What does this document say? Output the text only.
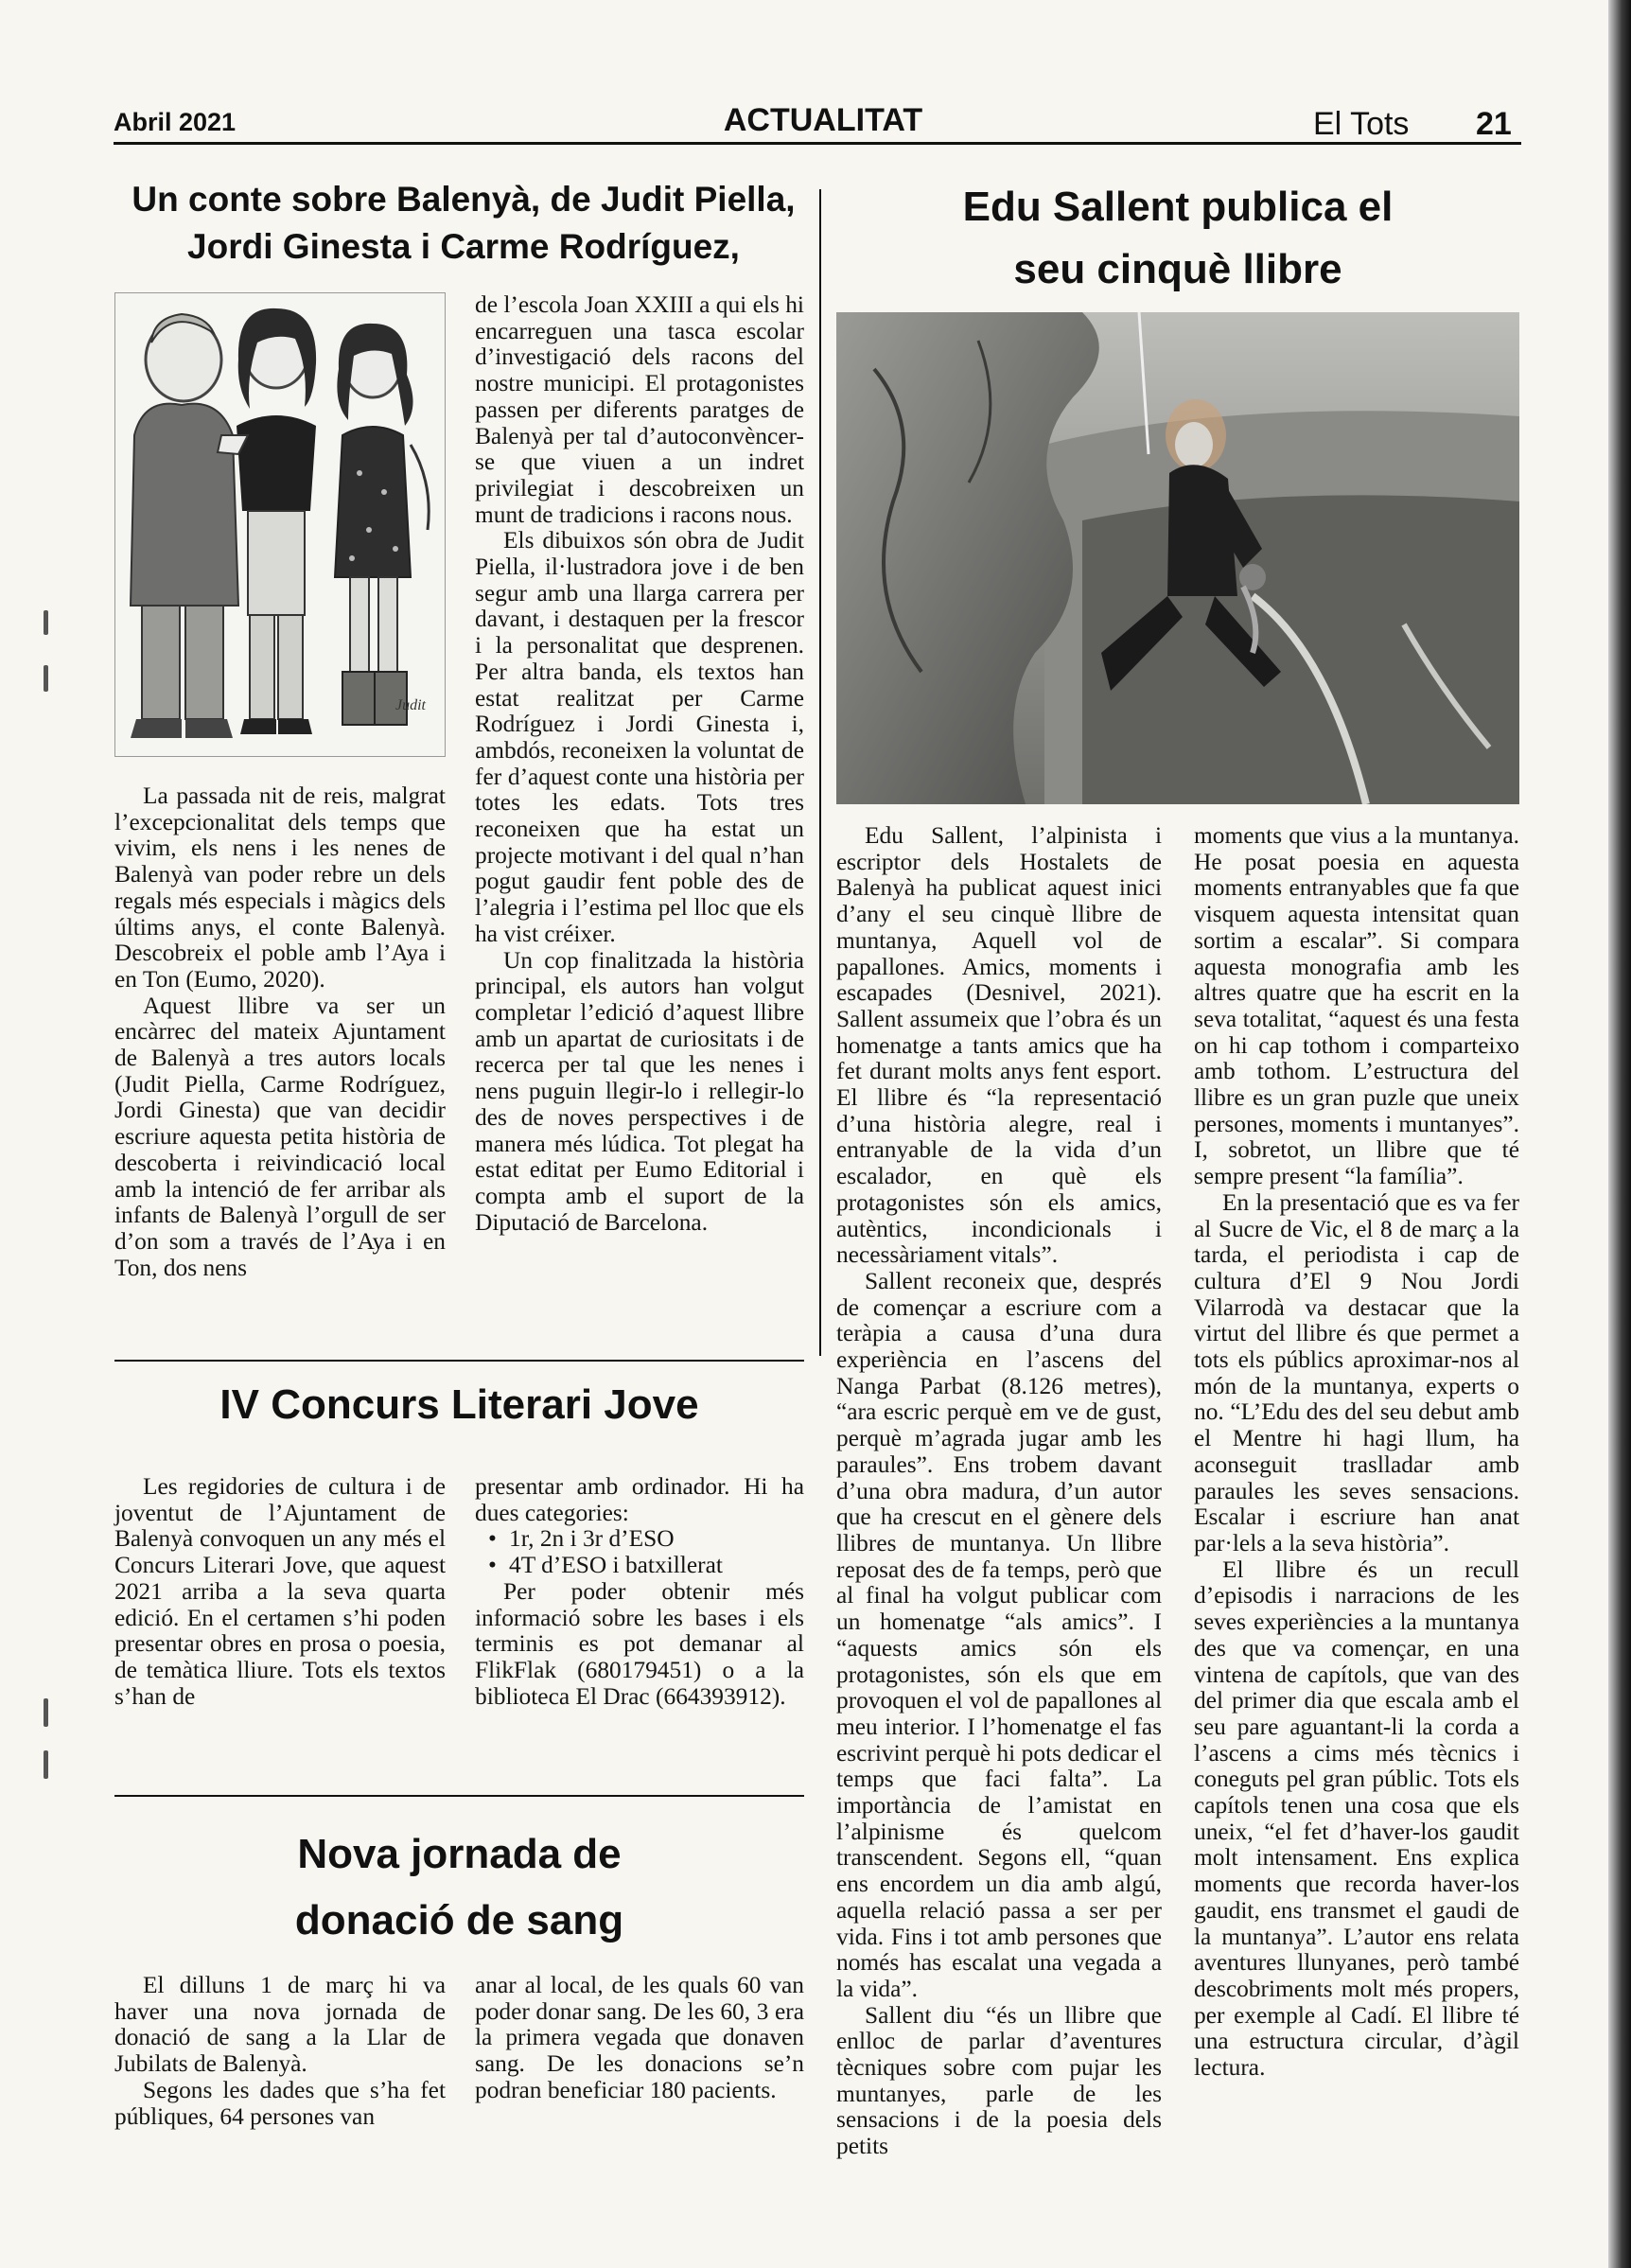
Abril 2021	ACTUALITAT	El Tots 21
Un conte sobre Balenyà, de Judit Piella,
Jordi Ginesta i Carme Rodríguez,
Judit

La passada nit de reis, malgrat l’excepcionalitat dels temps que vivim, els nens i les nenes de Balenyà van poder rebre un dels regals més especials i màgics dels últims anys, el conte Balenyà. Descobreix el poble amb l’Aya i en Ton (Eumo, 2020).

Aquest llibre va ser un encàrrec del mateix Ajuntament de Balenyà a tres autors locals (Judit Piella, Carme Rodríguez, Jordi Ginesta) que van decidir escriure aquesta petita història de descoberta i reivindicació local amb la intenció de fer arribar als infants de Balenyà l’orgull de ser d’on som a través de l’Aya i en Ton, dos nens

de l’escola Joan XXIII a qui els hi encarreguen una tasca escolar d’investigació dels racons del nostre municipi. El protagonistes passen per diferents paratges de Balenyà per tal d’autoconvèncer-se que viuen a un indret privilegiat i descobreixen un munt de tradicions i racons nous.

Els dibuixos són obra de Judit Piella, il·lustradora jove i de ben segur amb una llarga carrera per davant, i destaquen per la frescor i la personalitat que desprenen. Per altra banda, els textos han estat realitzat per Carme Rodríguez i Jordi Ginesta i, ambdós, reconeixen la voluntat de fer d’aquest conte una història per totes les edats. Tots tres reconeixen que ha estat un projecte motivant i del qual n’han pogut gaudir fent poble des de l’alegria i l’estima pel lloc que els ha vist créixer.

Un cop finalitzada la història principal, els autors han volgut completar l’edició d’aquest llibre amb un apartat de curiositats i de recerca per tal que les nenes i nens puguin llegir-lo i rellegir-lo des de noves perspectives i de manera més lúdica. Tot plegat ha estat editat per Eumo Editorial i compta amb el suport de la Diputació de Barcelona.

IV Concurs Literari Jove

Les regidories de cultura i de joventut de l’Ajuntament de Balenyà convoquen un any més el Concurs Literari Jove, que aquest 2021 arriba a la seva quarta edició. En el certamen s’hi poden presentar obres en prosa o poesia, de temàtica lliure. Tots els textos s’han de

presentar amb ordinador. Hi ha dues categories:

• 1r, 2n i 3r d’ESO
• 4T d’ESO i batxillerat

Per poder obtenir més informació sobre les bases i els terminis es pot demanar al FlikFlak (680179451) o a la biblioteca El Drac (664393912).

Nova jornada de
donació de sang

El dilluns 1 de març hi va haver una nova jornada de donació de sang a la Llar de Jubilats de Balenyà.

Segons les dades que s’ha fet públiques, 64 persones van

anar al local, de les quals 60 van poder donar sang. De les 60, 3 era la primera vegada que donaven sang. De les donacions se’n podran beneficiar 180 pacients.

Edu Sallent publica el
seu cinquè llibre

Edu Sallent, l’alpinista i escriptor dels Hostalets de Balenyà ha publicat aquest inici d’any el seu cinquè llibre de muntanya, Aquell vol de papallones. Amics, moments i escapades (Desnivel, 2021). Sallent assumeix que l’obra és un homenatge a tants amics que ha fet durant molts anys fent esport. El llibre és “la representació d’una història alegre, real i entranyable de la vida d’un escalador, en què els protagonistes són els amics, autèntics, incondicionals i necessàriament vitals”.

Sallent reconeix que, després de començar a escriure com a teràpia a causa d’una dura experiència en l’ascens del Nanga Parbat (8.126 metres), “ara escric perquè em ve de gust, perquè m’agrada jugar amb les paraules”. Ens trobem davant d’una obra madura, d’un autor que ha crescut en el gènere dels llibres de muntanya. Un llibre reposat des de fa temps, però que al final ha volgut publicar com un homenatge “als amics”. I “aquests amics són els protagonistes, són els que em provoquen el vol de papallones al meu interior. I l’homenatge el fas escrivint perquè hi pots dedicar el temps que faci falta”. La importància de l’amistat en l’alpinisme és quelcom transcendent. Segons ell, “quan ens encordem un dia amb algú, aquella relació passa a ser per vida. Fins i tot amb persones que només has escalat una vegada a la vida”.

Sallent diu “és un llibre que enlloc de parlar d’aventures tècniques sobre com pujar les muntanyes, parle de les sensacions i de la poesia dels petits

moments que vius a la muntanya. He posat poesia en aquesta moments entranyables que fa que visquem aquesta intensitat quan sortim a escalar”. Si compara aquesta monografia amb les altres quatre que ha escrit en la seva totalitat, “aquest és una festa on hi cap tothom i comparteixo amb tothom. L’estructura del llibre es un gran puzle que uneix persones, moments i muntanyes”. I, sobretot, un llibre que té sempre present “la família”.

En la presentació que es va fer al Sucre de Vic, el 8 de març a la tarda, el periodista i cap de cultura d’El 9 Nou Jordi Vilarrodà va destacar que la virtut del llibre és que permet a tots els públics aproximar-nos al món de la muntanya, experts o no. “L’Edu des del seu debut amb el Mentre hi hagi llum, ha aconseguit traslladar amb paraules les seves sensacions. Escalar i escriure han anat par·lels a la seva història”.

El llibre és un recull d’episodis i narracions de les seves experiències a la muntanya des que va començar, en una vintena de capítols, que van des del primer dia que escala amb el seu pare aguantant-li la corda a l’ascens a cims més tècnics i coneguts pel gran públic. Tots els capítols tenen una cosa que els uneix, “el fet d’haver-los gaudit molt intensament. Ens explica moments que recorda haver-los gaudit, ens transmet el gaudi de la muntanya”. L’autor ens relata aventures llunyanes, però també descobriments molt més propers, per exemple al Cadí. El llibre té una estructura circular, d’àgil lectura.
